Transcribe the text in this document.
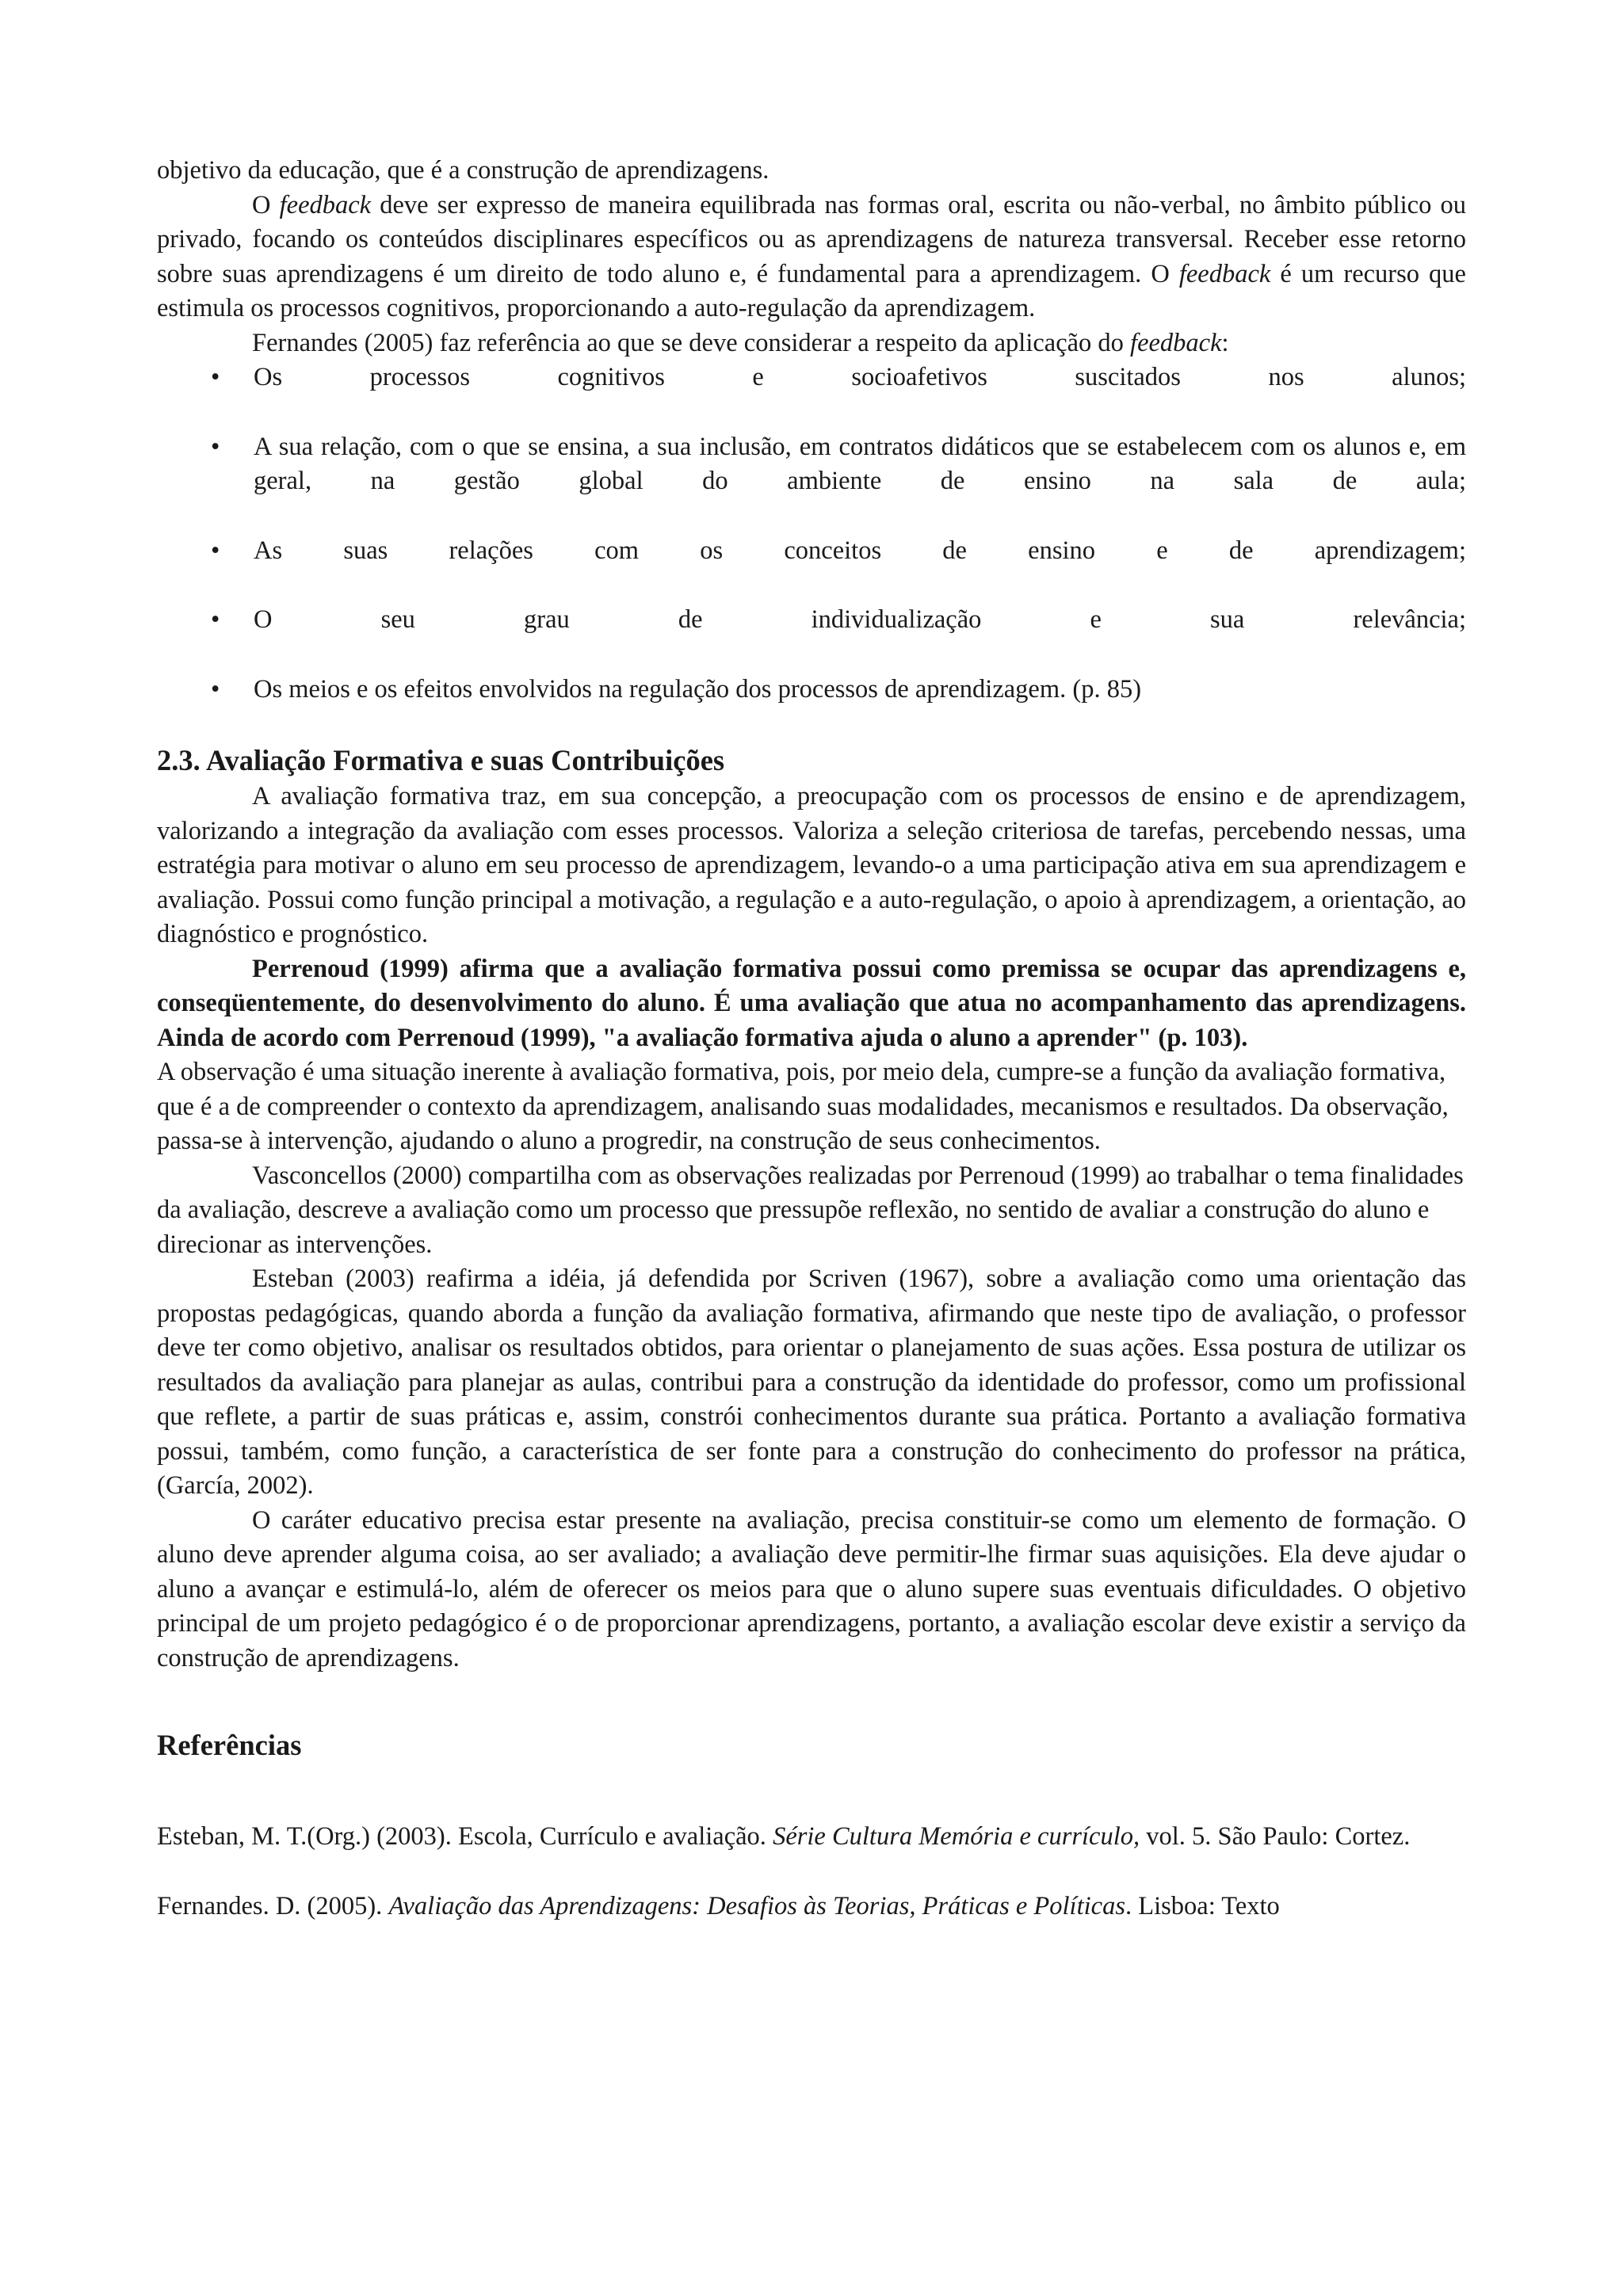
objetivo da educação, que é a construção de aprendizagens.

O feedback deve ser expresso de maneira equilibrada nas formas oral, escrita ou não-verbal, no âmbito público ou privado, focando os conteúdos disciplinares específicos ou as aprendizagens de natureza transversal. Receber esse retorno sobre suas aprendizagens é um direito de todo aluno e, é fundamental para a aprendizagem. O feedback é um recurso que estimula os processos cognitivos, proporcionando a auto-regulação da aprendizagem.

Fernandes (2005) faz referência ao que se deve considerar a respeito da aplicação do feedback:

• Os processos cognitivos e socioafetivos suscitados nos alunos;
• A sua relação, com o que se ensina, a sua inclusão, em contratos didáticos que se estabelecem com os alunos e, em geral, na gestão global do ambiente de ensino na sala de aula;
• As suas relações com os conceitos de ensino e de aprendizagem;
• O seu grau de individualização e sua relevância;
• Os meios e os efeitos envolvidos na regulação dos processos de aprendizagem. (p. 85)
2.3. Avaliação Formativa e suas Contribuições

A avaliação formativa traz, em sua concepção, a preocupação com os processos de ensino e de aprendizagem, valorizando a integração da avaliação com esses processos. Valoriza a seleção criteriosa de tarefas, percebendo nessas, uma estratégia para motivar o aluno em seu processo de aprendizagem, levando-o a uma participação ativa em sua aprendizagem e avaliação. Possui como função principal a motivação, a regulação e a auto-regulação, o apoio à aprendizagem, a orientação, ao diagnóstico e prognóstico.

Perrenoud (1999) afirma que a avaliação formativa possui como premissa se ocupar das aprendizagens e, conseqüentemente, do desenvolvimento do aluno. É uma avaliação que atua no acompanhamento das aprendizagens. Ainda de acordo com Perrenoud (1999), "a avaliação formativa ajuda o aluno a aprender" (p. 103).

A observação é uma situação inerente à avaliação formativa, pois, por meio dela, cumpre-se a função da avaliação formativa, que é a de compreender o contexto da aprendizagem, analisando suas modalidades, mecanismos e resultados. Da observação, passa-se à intervenção, ajudando o aluno a progredir, na construção de seus conhecimentos.

Vasconcellos (2000) compartilha com as observações realizadas por Perrenoud (1999) ao trabalhar o tema finalidades da avaliação, descreve a avaliação como um processo que pressupõe reflexão, no sentido de avaliar a construção do aluno e direcionar as intervenções.

Esteban (2003) reafirma a idéia, já defendida por Scriven (1967), sobre a avaliação como uma orientação das propostas pedagógicas, quando aborda a função da avaliação formativa, afirmando que neste tipo de avaliação, o professor deve ter como objetivo, analisar os resultados obtidos, para orientar o planejamento de suas ações. Essa postura de utilizar os resultados da avaliação para planejar as aulas, contribui para a construção da identidade do professor, como um profissional que reflete, a partir de suas práticas e, assim, constrói conhecimentos durante sua prática. Portanto a avaliação formativa possui, também, como função, a característica de ser fonte para a construção do conhecimento do professor na prática, (García, 2002).

O caráter educativo precisa estar presente na avaliação, precisa constituir-se como um elemento de formação. O aluno deve aprender alguma coisa, ao ser avaliado; a avaliação deve permitir-lhe firmar suas aquisições. Ela deve ajudar o aluno a avançar e estimulá-lo, além de oferecer os meios para que o aluno supere suas eventuais dificuldades. O objetivo principal de um projeto pedagógico é o de proporcionar aprendizagens, portanto, a avaliação escolar deve existir a serviço da construção de aprendizagens.

Referências

Esteban, M. T.(Org.) (2003). Escola, Currículo e avaliação. Série Cultura Memória e currículo, vol. 5. São Paulo: Cortez.

Fernandes. D. (2005). Avaliação das Aprendizagens: Desafios às Teorias, Práticas e Políticas. Lisboa: Texto
